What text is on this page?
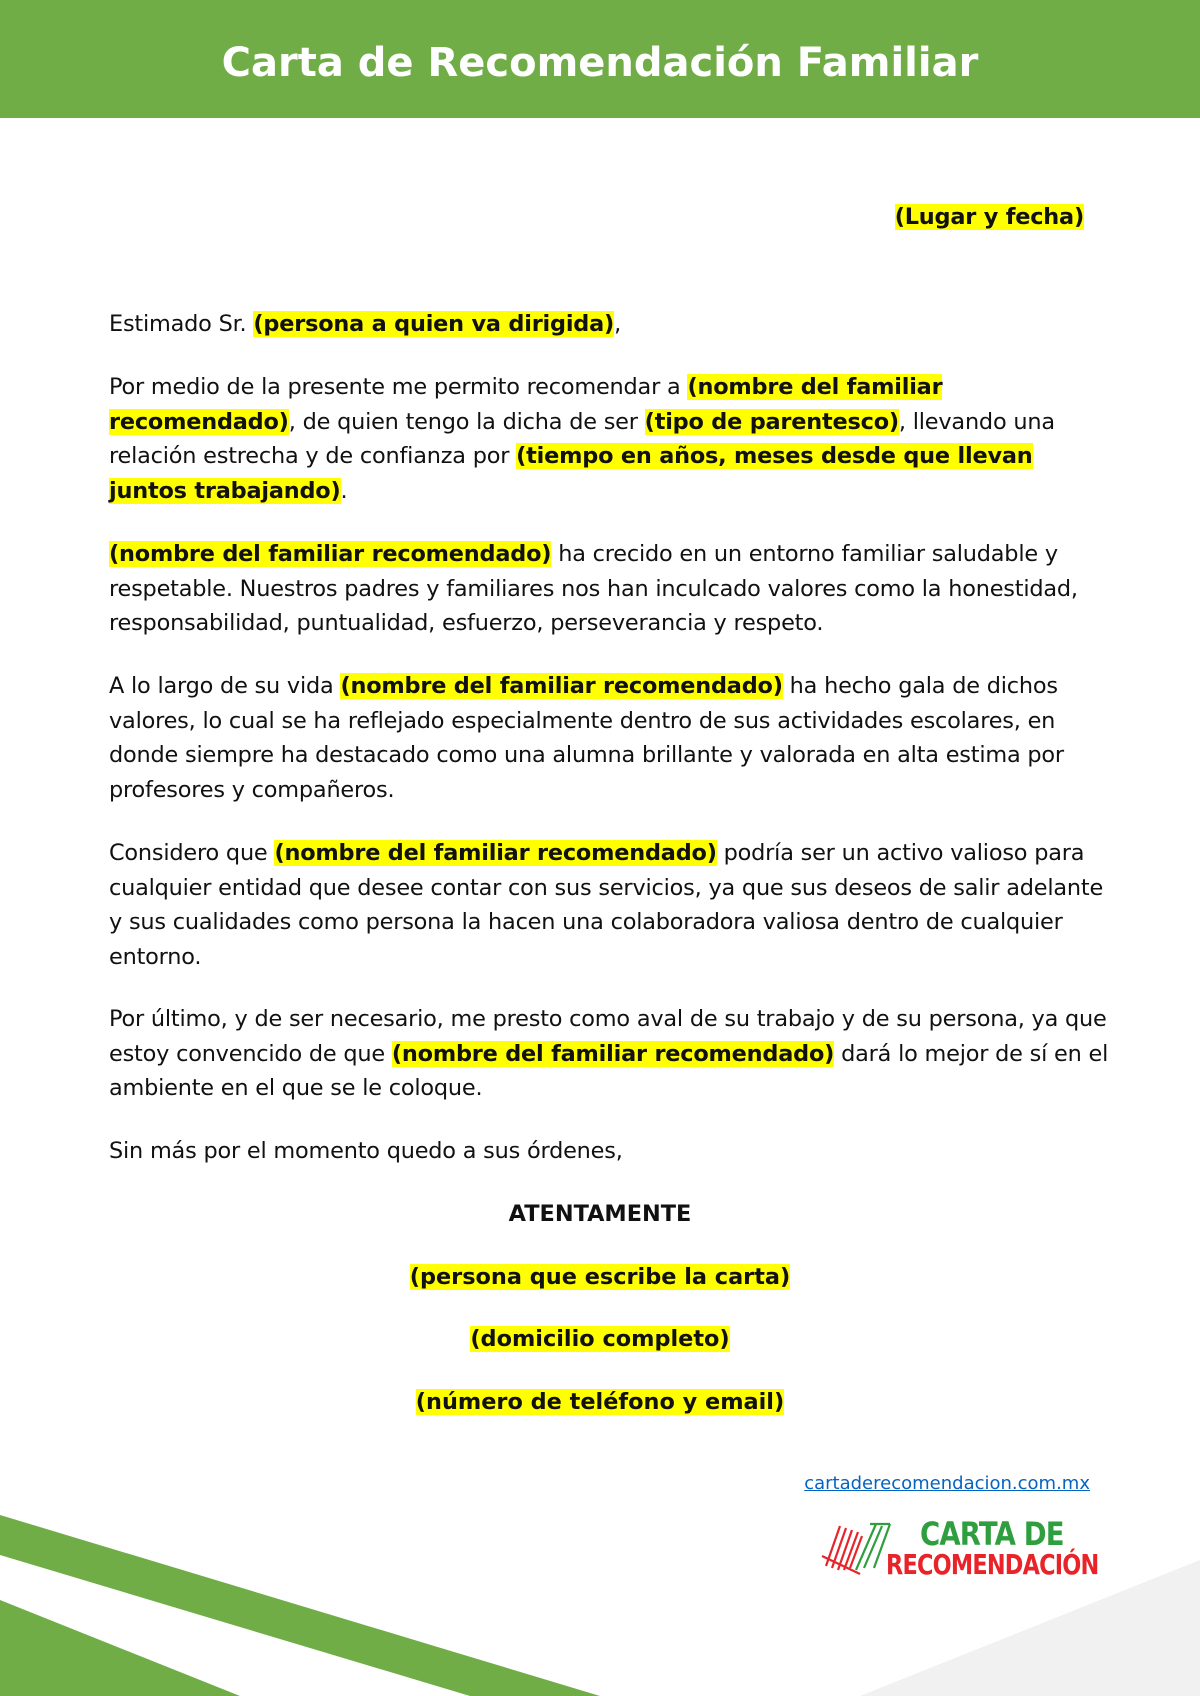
Carta de Recomendación Familiar
(Lugar y fecha)
Estimado Sr. (persona a quien va dirigida),

Por medio de la presente me permito recomendar a (nombre del familiar recomendado), de quien tengo la dicha de ser (tipo de parentesco), llevando una relación estrecha y de confianza por (tiempo en años, meses desde que llevan juntos trabajando).

(nombre del familiar recomendado) ha crecido en un entorno familiar saludable y respetable. Nuestros padres y familiares nos han inculcado valores como la honestidad, responsabilidad, puntualidad, esfuerzo, perseverancia y respeto.

A lo largo de su vida (nombre del familiar recomendado) ha hecho gala de dichos valores, lo cual se ha reflejado especialmente dentro de sus actividades escolares, en donde siempre ha destacado como una alumna brillante y valorada en alta estima por profesores y compañeros.

Considero que (nombre del familiar recomendado) podría ser un activo valioso para cualquier entidad que desee contar con sus servicios, ya que sus deseos de salir adelante y sus cualidades como persona la hacen una colaboradora valiosa dentro de cualquier entorno.

Por último, y de ser necesario, me presto como aval de su trabajo y de su persona, ya que estoy convencido de que (nombre del familiar recomendado) dará lo mejor de sí en el ambiente en el que se le coloque.

Sin más por el momento quedo a sus órdenes,
ATENTAMENTE
(persona que escribe la carta)
(domicilio completo)
(número de teléfono y email)
cartaderecomendacion.com.mx
CARTA DE
RECOMENDACIÓN
